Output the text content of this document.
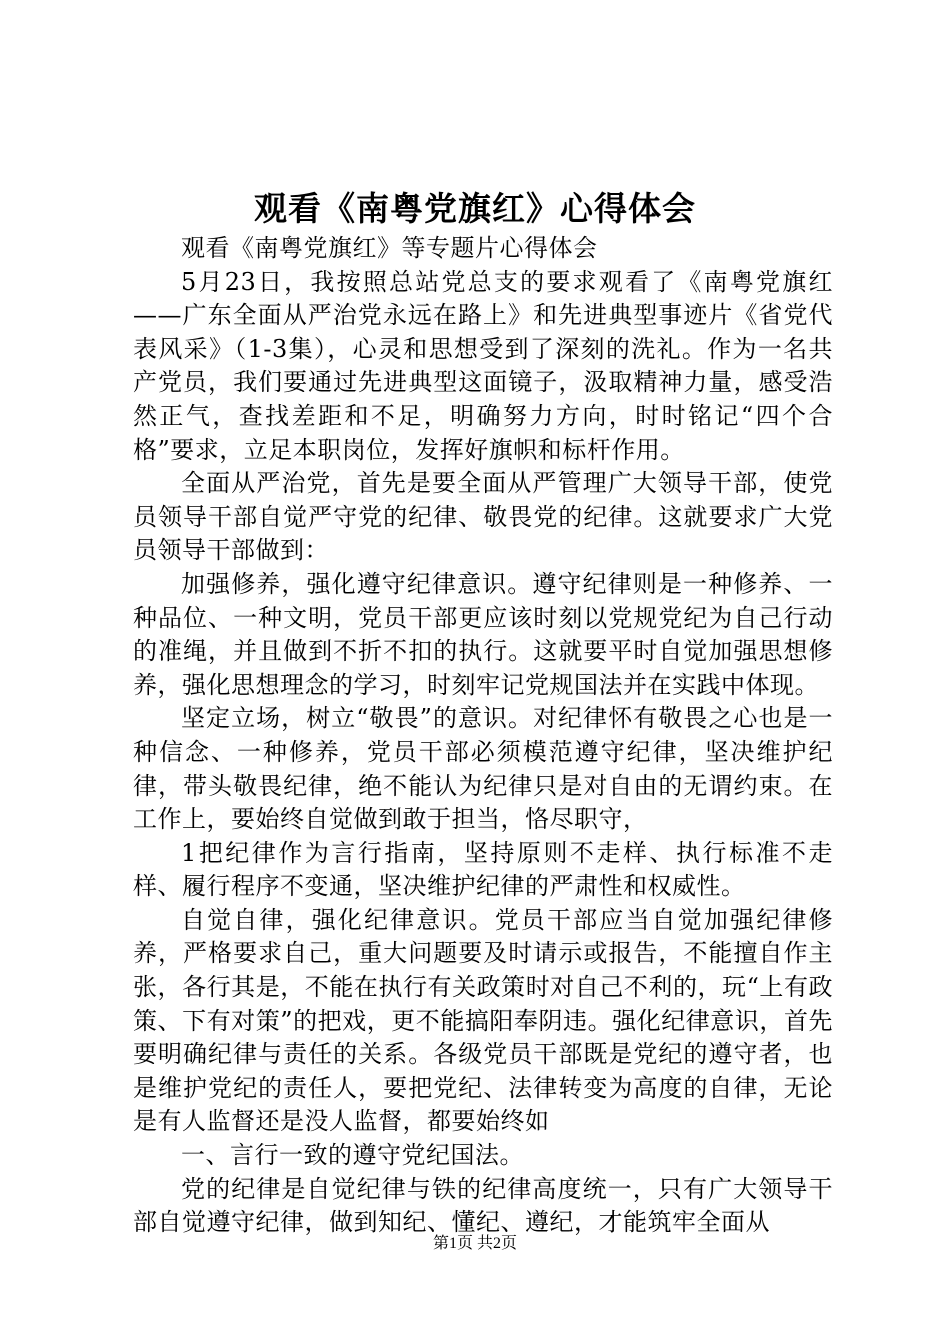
观看《南粤党旗红》心得体会

观看《南粤党旗红》等专题片心得体会

5月23日，我按照总站党总支的要求观看了《南粤党旗红——广东全面从严治党永远在路上》和先进典型事迹片《省党代表风采》（1-3集），心灵和思想受到了深刻的洗礼。作为一名共产党员，我们要通过先进典型这面镜子，汲取精神力量，感受浩然正气，查找差距和不足，明确努力方向，时时铭记“四个合格”要求，立足本职岗位，发挥好旗帜和标杆作用。

全面从严治党，首先是要全面从严管理广大领导干部，使党员领导干部自觉严守党的纪律、敬畏党的纪律。这就要求广大党员领导干部做到：

加强修养，强化遵守纪律意识。遵守纪律则是一种修养、一种品位、一种文明，党员干部更应该时刻以党规党纪为自己行动的准绳，并且做到不折不扣的执行。这就要平时自觉加强思想修养，强化思想理念的学习，时刻牢记党规国法并在实践中体现。

坚定立场，树立“敬畏”的意识。对纪律怀有敬畏之心也是一种信念、一种修养，党员干部必须模范遵守纪律，坚决维护纪律，带头敬畏纪律，绝不能认为纪律只是对自由的无谓约束。在工作上，要始终自觉做到敢于担当，恪尽职守，

1把纪律作为言行指南，坚持原则不走样、执行标准不走样、履行程序不变通，坚决维护纪律的严肃性和权威性。

自觉自律，强化纪律意识。党员干部应当自觉加强纪律修养，严格要求自己，重大问题要及时请示或报告，不能擅自作主张，各行其是，不能在执行有关政策时对自己不利的，玩“上有政策、下有对策”的把戏，更不能搞阳奉阴违。强化纪律意识，首先要明确纪律与责任的关系。各级党员干部既是党纪的遵守者，也是维护党纪的责任人，要把党纪、法律转变为高度的自律，无论是有人监督还是没人监督，都要始终如

一、言行一致的遵守党纪国法。

党的纪律是自觉纪律与铁的纪律高度统一，只有广大领导干部自觉遵守纪律，做到知纪、懂纪、遵纪，才能筑牢全面从

第1页 共2页
